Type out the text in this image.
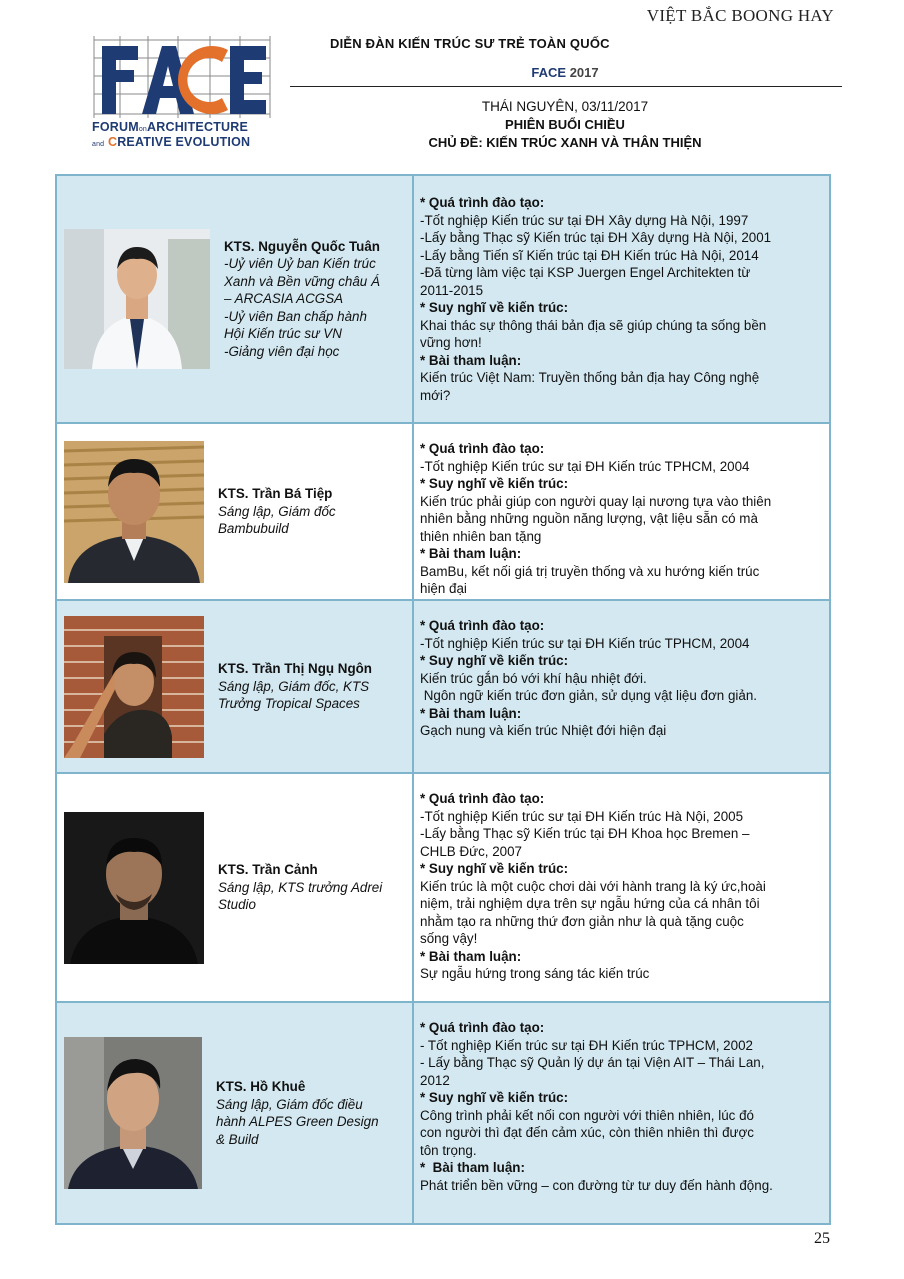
VIỆT BẮC BOONG HAY
FORUMonARCHITECTURE
and CREATIVE EVOLUTION
DIỄN ĐÀN KIẾN TRÚC SƯ TRẺ TOÀN QUỐC
FACE 2017
THÁI NGUYÊN, 03/11/2017
PHIÊN BUỔI CHIỀU
CHỦ ĐỀ: KIẾN TRÚC XANH VÀ THÂN THIỆN
KTS. Nguyễn Quốc Tuân
-Uỷ viên Uỷ ban Kiến trúc
Xanh và Bền vững châu Á
– ARCASIA ACGSA
-Uỷ viên Ban chấp hành
Hội Kiến trúc sư VN
-Giảng viên đại học
* Quá trình đào tạo:
-Tốt nghiệp Kiến trúc sư tại ĐH Xây dựng Hà Nội, 1997
-Lấy bằng Thạc sỹ Kiến trúc tại ĐH Xây dựng Hà Nội, 2001
-Lấy bằng Tiến sĩ Kiến trúc tại ĐH Kiến trúc Hà Nội, 2014
-Đã từng làm việc tại KSP Juergen Engel Architekten từ
2011-2015
* Suy nghĩ về kiến trúc:
Khai thác sự thông thái bản địa sẽ giúp chúng ta sống bền
vững hơn!
* Bài tham luận:
Kiến trúc Việt Nam: Truyền thống bản địa hay Công nghệ
mới?
KTS. Trần Bá Tiệp
Sáng lập, Giám đốc
Bambubuild
* Quá trình đào tạo:
-Tốt nghiệp Kiến trúc sư tại ĐH Kiến trúc TPHCM, 2004
* Suy nghĩ về kiến trúc:
Kiến trúc phải giúp con người quay lại nương tựa vào thiên
nhiên bằng những nguồn năng lượng, vật liệu sẵn có mà
thiên nhiên ban tặng
* Bài tham luận:
BamBu, kết nối giá trị truyền thống và xu hướng kiến trúc
hiện đại
KTS. Trần Thị Ngụ Ngôn
Sáng lập, Giám đốc, KTS
Trưởng Tropical Spaces
* Quá trình đào tạo:
-Tốt nghiệp Kiến trúc sư tại ĐH Kiến trúc TPHCM, 2004
* Suy nghĩ về kiến trúc:
Kiến trúc gắn bó với khí hậu nhiệt đới.
Ngôn ngữ kiến trúc đơn giản, sử dụng vật liệu đơn giản.
* Bài tham luận:
Gạch nung và kiến trúc Nhiệt đới hiện đại
KTS. Trần Cảnh
Sáng lập, KTS trưởng Adrei
Studio
* Quá trình đào tạo:
-Tốt nghiệp Kiến trúc sư tại ĐH Kiến trúc Hà Nội, 2005
-Lấy bằng Thạc sỹ Kiến trúc tại ĐH Khoa học Bremen –
CHLB Đức, 2007
* Suy nghĩ về kiến trúc:
Kiến trúc là một cuộc chơi dài với hành trang là ký ức,hoài
niệm, trải nghiệm dựa trên sự ngẫu hứng của cá nhân tôi
nhằm tạo ra những thứ đơn giản như là quà tặng cuộc
sống vậy!
* Bài tham luận:
Sự ngẫu hứng trong sáng tác kiến trúc
KTS. Hồ Khuê
Sáng lập, Giám đốc điều
hành ALPES Green Design
& Build
* Quá trình đào tạo:
- Tốt nghiệp Kiến trúc sư tại ĐH Kiến trúc TPHCM, 2002
- Lấy bằng Thạc sỹ Quản lý dự án tại Viện AIT – Thái Lan,
2012
* Suy nghĩ về kiến trúc:
Công trình phải kết nối con người với thiên nhiên, lúc đó
con người thì đạt đến cảm xúc, còn thiên nhiên thì được
tôn trọng.
*  Bài tham luận:
Phát triển bền vững – con đường từ tư duy đến hành động.
25
